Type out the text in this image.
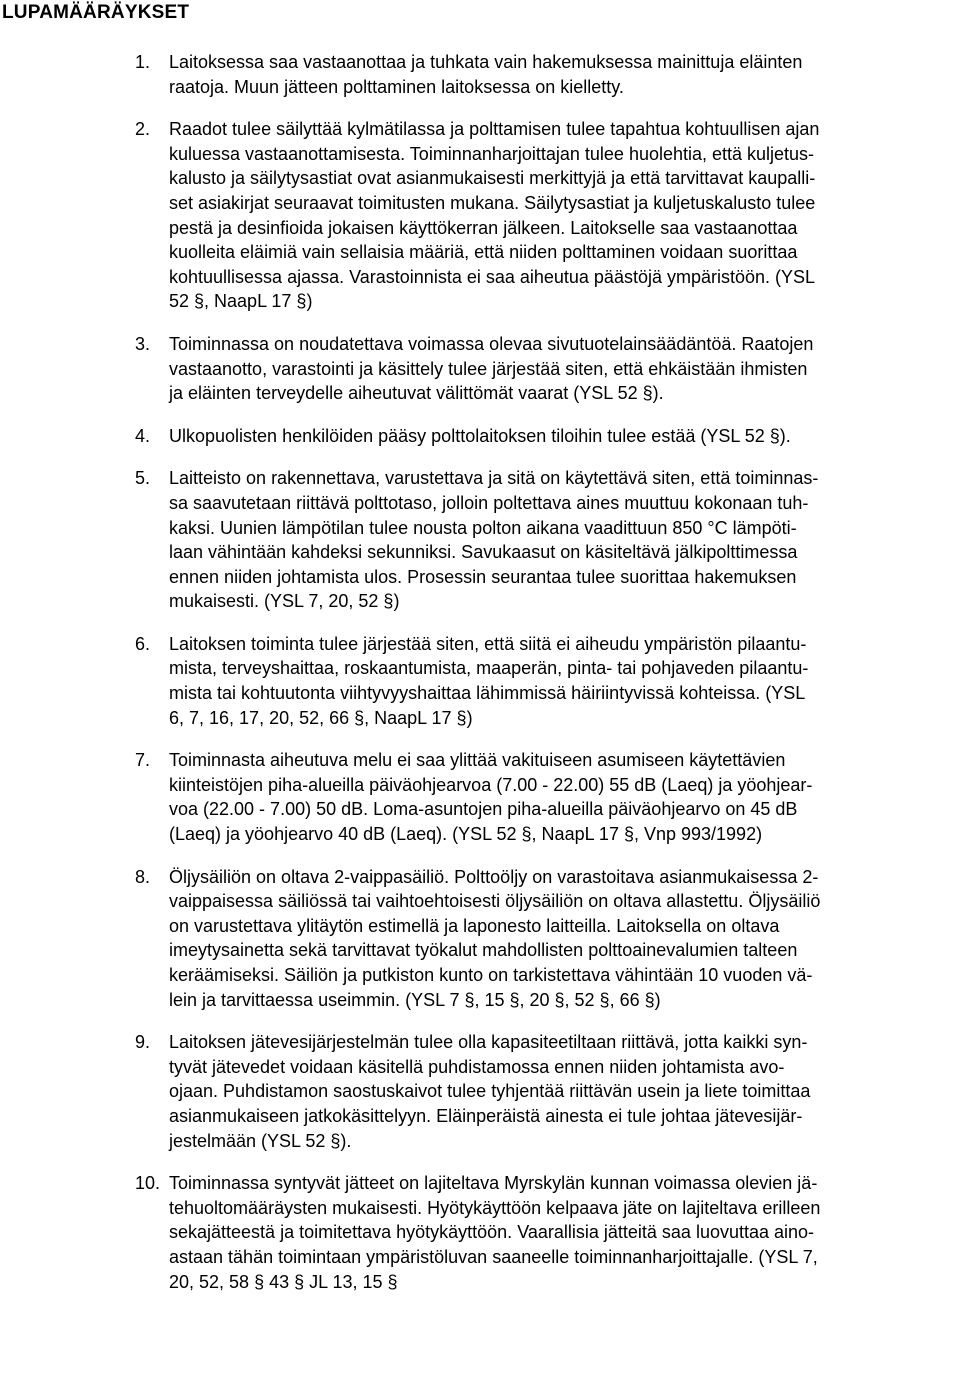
LUPAMÄÄRÄYKSET
1. Laitoksessa saa vastaanottaa ja tuhkata vain hakemuksessa mainittuja eläinten
raatoja. Muun jätteen polttaminen laitoksessa on kielletty.
2. Raadot tulee säilyttää kylmätilassa ja polttamisen tulee tapahtua kohtuullisen ajan
kuluessa vastaanottamisesta. Toiminnanharjoittajan tulee huolehtia, että kuljetus-
kalusto ja säilytysastiat ovat asianmukaisesti merkittyjä ja että tarvittavat kaupalli-
set asiakirjat seuraavat toimitusten mukana. Säilytysastiat ja kuljetuskalusto tulee
pestä ja desinfioida jokaisen käyttökerran jälkeen. Laitokselle saa vastaanottaa
kuolleita eläimiä vain sellaisia määriä, että niiden polttaminen voidaan suorittaa
kohtuullisessa ajassa. Varastoinnista ei saa aiheutua päästöjä ympäristöön. (YSL
52 §, NaapL 17 §)
3. Toiminnassa on noudatettava voimassa olevaa sivutuotelainsäädäntöä. Raatojen
vastaanotto, varastointi ja käsittely tulee järjestää siten, että ehkäistään ihmisten
ja eläinten terveydelle aiheutuvat välittömät vaarat (YSL 52 §).
4. Ulkopuolisten henkilöiden pääsy polttolaitoksen tiloihin tulee estää (YSL 52 §).
5. Laitteisto on rakennettava, varustettava ja sitä on käytettävä siten, että toiminnas-
sa saavutetaan riittävä polttotaso, jolloin poltettava aines muuttuu kokonaan tuh-
kaksi. Uunien lämpötilan tulee nousta polton aikana vaadittuun 850 °C lämpöti-
laan vähintään kahdeksi sekunniksi. Savukaasut on käsiteltävä jälkipolttimessa
ennen niiden johtamista ulos. Prosessin seurantaa tulee suorittaa hakemuksen
mukaisesti. (YSL 7, 20, 52 §)
6. Laitoksen toiminta tulee järjestää siten, että siitä ei aiheudu ympäristön pilaantu-
mista, terveyshaittaa, roskaantumista, maaperän, pinta- tai pohjaveden pilaantu-
mista tai kohtuutonta viihtyvyyshaittaa lähimmissä häiriintyvissä kohteissa. (YSL
6, 7, 16, 17, 20, 52, 66 §, NaapL 17 §)
7. Toiminnasta aiheutuva melu ei saa ylittää vakituiseen asumiseen käytettävien
kiinteistöjen piha-alueilla päiväohjearvoa (7.00 - 22.00) 55 dB (Laeq) ja yöohjear-
voa (22.00 - 7.00) 50 dB. Loma-asuntojen piha-alueilla päiväohjearvo on 45 dB
(Laeq) ja yöohjearvo 40 dB (Laeq). (YSL 52 §, NaapL 17 §, Vnp 993/1992)
8. Öljysäiliön on oltava 2-vaippasäiliö. Polttoöljy on varastoitava asianmukaisessa 2-
vaippaisessa säiliössä tai vaihtoehtoisesti öljysäiliön on oltava allastettu. Öljysäiliö
on varustettava ylitäytön estimellä ja laponesto laitteilla. Laitoksella on oltava
imeytysainetta sekä tarvittavat työkalut mahdollisten polttoainevalumien talteen
keräämiseksi. Säiliön ja putkiston kunto on tarkistettava vähintään 10 vuoden vä-
lein ja tarvittaessa useimmin. (YSL 7 §, 15 §, 20 §, 52 §, 66 §)
9. Laitoksen jätevesijärjestelmän tulee olla kapasiteetiltaan riittävä, jotta kaikki syn-
tyvät jätevedet voidaan käsitellä puhdistamossa ennen niiden johtamista avo-
ojaan. Puhdistamon saostuskaivot tulee tyhjentää riittävän usein ja liete toimittaa
asianmukaiseen jatkokäsittelyyn. Eläinperäistä ainesta ei tule johtaa jätevesijär-
jestelmään (YSL 52 §).
10. Toiminnassa syntyvät jätteet on lajiteltava Myrskylän kunnan voimassa olevien jä-
tehuoltomääräysten mukaisesti. Hyötykäyttöön kelpaava jäte on lajiteltava erilleen
sekajätteestä ja toimitettava hyötykäyttöön. Vaarallisia jätteitä saa luovuttaa aino-
astaan tähän toimintaan ympäristöluvan saaneelle toiminnanharjoittajalle. (YSL 7,
20, 52, 58 § 43 § JL 13, 15 §
